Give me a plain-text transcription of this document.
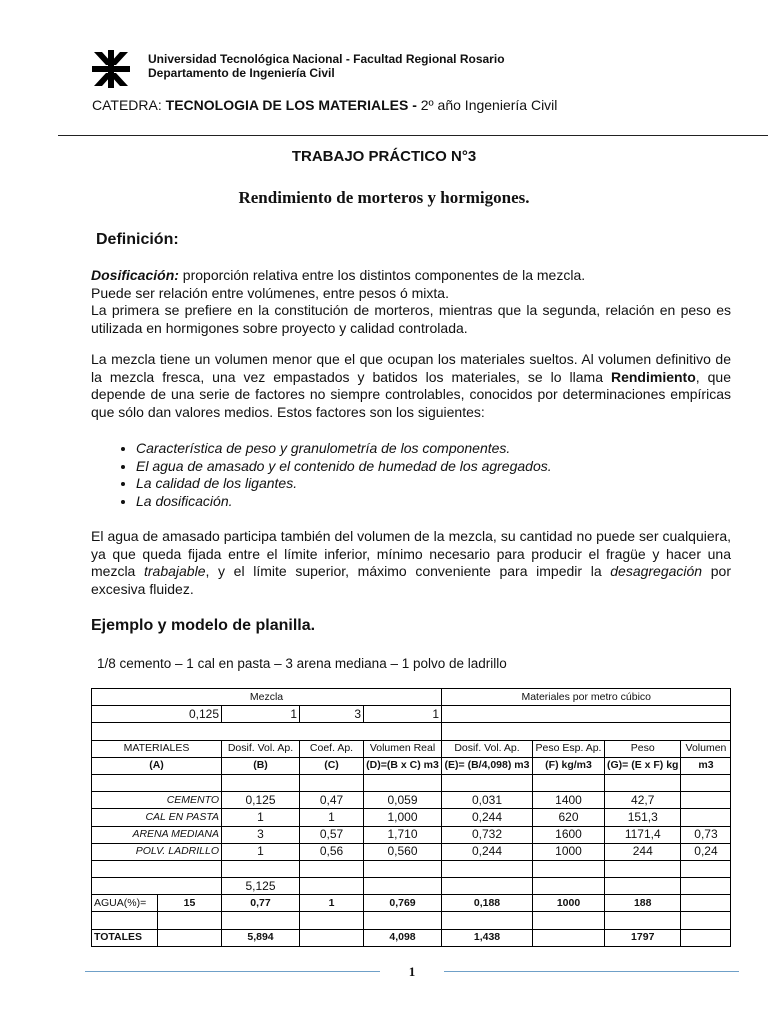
Universidad Tecnológica Nacional - Facultad Regional Rosario
Departamento de Ingeniería Civil
CATEDRA: TECNOLOGIA DE LOS MATERIALES - 2º año Ingeniería Civil
TRABAJO PRÁCTICO N°3
Rendimiento de morteros y hormigones.
Definición:
Dosificación: proporción relativa entre los distintos componentes de la mezcla.
Puede ser relación entre volúmenes, entre pesos ó mixta.
La primera se prefiere en la constitución de morteros, mientras que la segunda, relación en peso es utilizada en hormigones sobre proyecto y calidad controlada.
La mezcla tiene un volumen menor que el que ocupan los materiales sueltos. Al volumen definitivo de la mezcla fresca, una vez empastados y batidos los materiales, se lo llama Rendimiento, que depende de una serie de factores no siempre controlables, conocidos por determinaciones empíricas que sólo dan valores medios. Estos factores son los siguientes:
• Característica de peso y granulometría de los componentes.
• El agua de amasado y el contenido de humedad de los agregados.
• La calidad de los ligantes.
• La dosificación.
El agua de amasado participa también del volumen de la mezcla, su cantidad no puede ser cualquiera, ya que queda fijada entre el límite inferior, mínimo necesario para producir el fragüe y hacer una mezcla trabajable, y el límite superior, máximo conveniente para impedir la desagregación por excesiva fluidez.
Ejemplo y modelo de planilla.
1/8 cemento – 1 cal en pasta – 3 arena mediana – 1 polvo de ladrillo
Mezcla					Materiales por metro cúbico			
0,125		1	3	1				

MATERIALES		Dosif. Vol. Ap.	Coef. Ap.	Volumen Real	Dosif. Vol. Ap.	Peso Esp. Ap.	Peso	Volumen
(A)		(B)	(C)	(D)=(B x C) m3	(E)= (B/4,098) m3	(F) kg/m3	(G)= (E x F) kg	m3

CEMENTO		0,125	0,47	0,059	0,031	1400	42,7	
CAL EN PASTA		1	1	1,000	0,244	620	151,3	
ARENA MEDIANA		3	0,57	1,710	0,732	1600	1171,4	0,73
POLV. LADRILLO		1	0,56	0,560	0,244	1000	244	0,24

		5,125						
AGUA(%)=	15	0,77	1	0,769	0,188	1000	188	

TOTALES		5,894		4,098	1,438		1797	
1
